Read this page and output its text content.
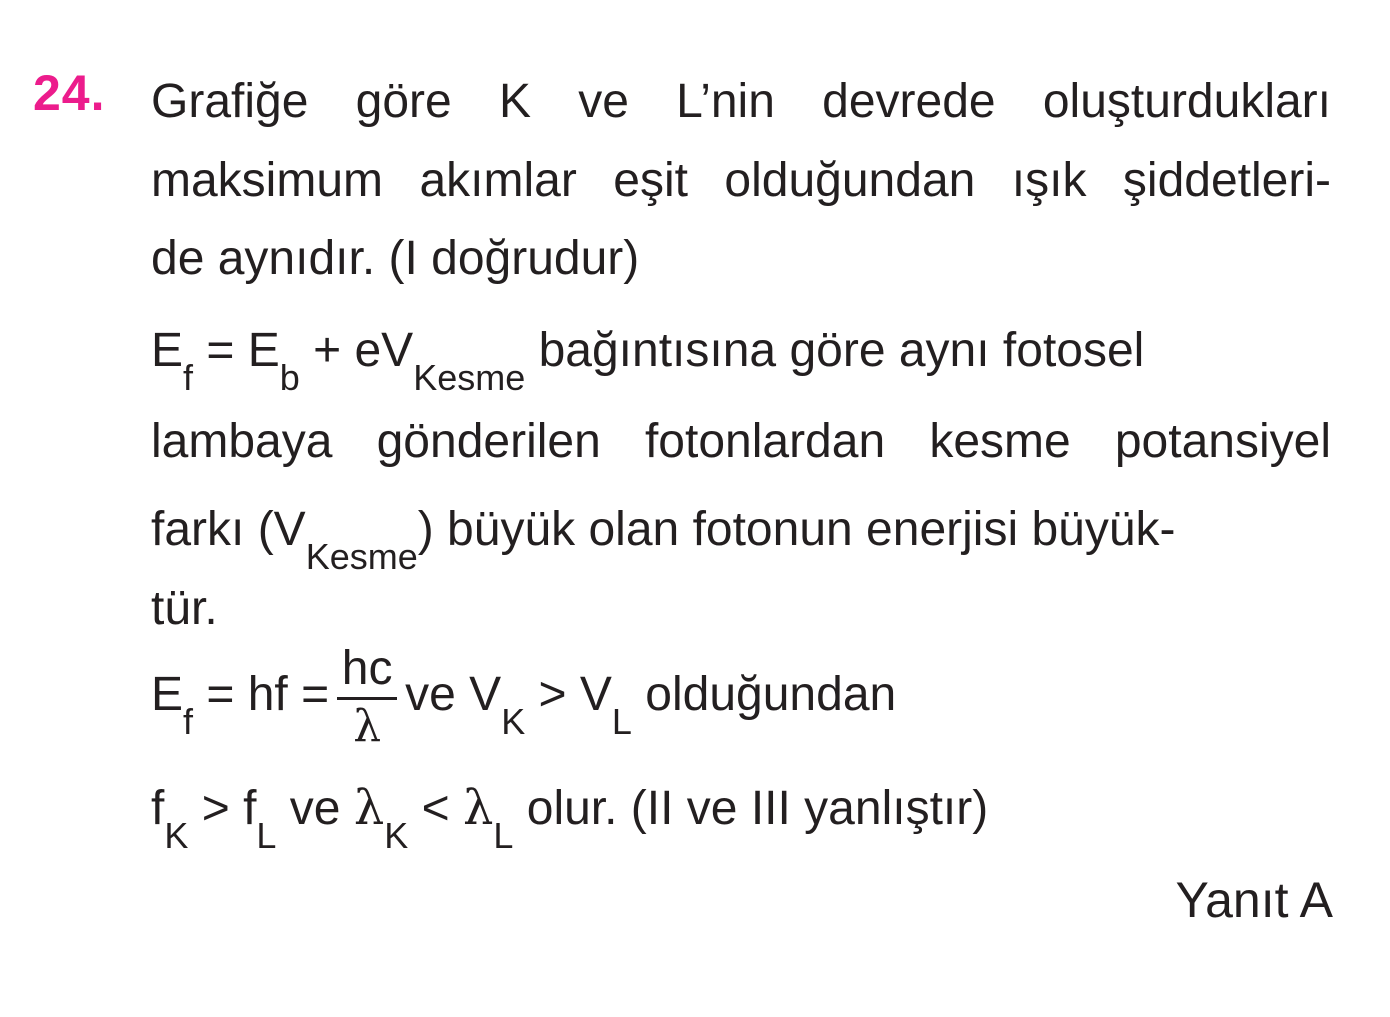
24. Grafiğe göre K ve L’nin devrede oluşturdukları
maksimum akımlar eşit olduğundan ışık şiddetleri-
de aynıdır. (I doğrudur)
$E_f = E_b + eV_{Kesme}$ bağıntısına göre aynı fotosel
lambaya gönderilen fotonlardan kesme potansiyel
farkı $(V_{Kesme})$ büyük olan fotonun enerjisi büyük-
tür.
$E_f$ = hf = $\frac{hc}{\lambda}$ ve $V_K > V_L$ olduğundan
$f_K > f_L$ ve $\lambda_K < \lambda_L$ olur. (II ve III yanlıştır)
Yanıt A
